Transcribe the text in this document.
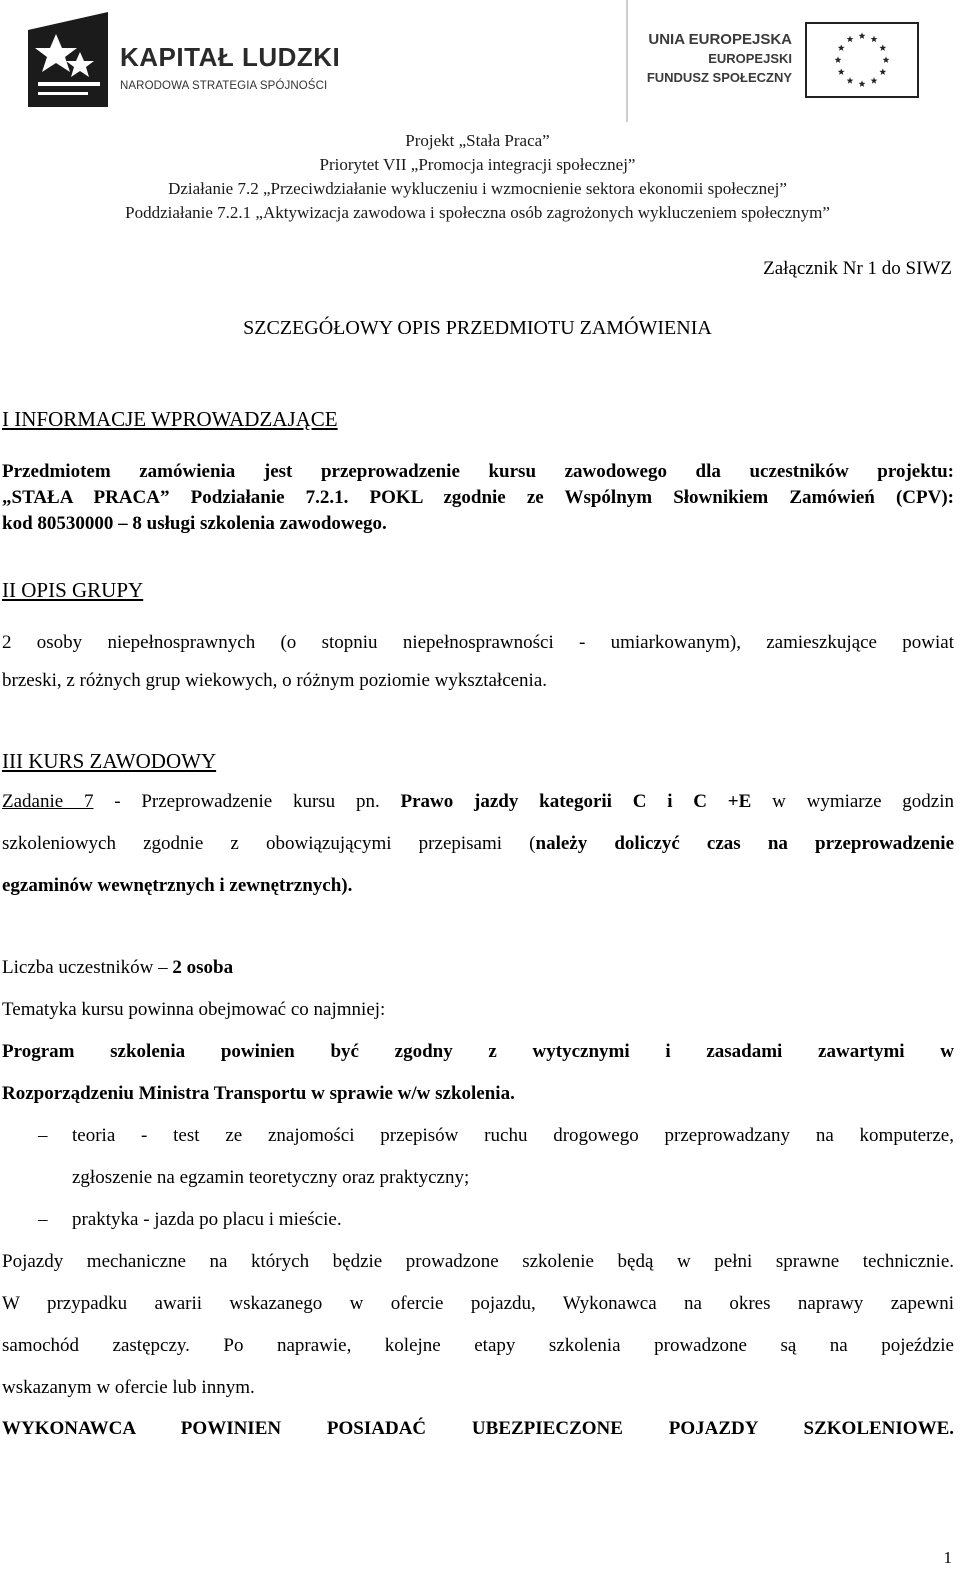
KAPITAŁ LUDZKI
NARODOWA STRATEGIA SPÓJNOŚCI
UNIA EUROPEJSKA
EUROPEJSKI
FUNDUSZ SPOŁECZNY
Projekt „Stała Praca”
Priorytet VII „Promocja integracji społecznej”
Działanie 7.2 „Przeciwdziałanie wykluczeniu i wzmocnienie sektora ekonomii społecznej”
Poddziałanie 7.2.1 „Aktywizacja zawodowa i społeczna osób zagrożonych wykluczeniem społecznym”
Załącznik Nr 1 do SIWZ
SZCZEGÓŁOWY OPIS PRZEDMIOTU ZAMÓWIENIA
I INFORMACJE WPROWADZAJĄCE
Przedmiotem zamówienia jest przeprowadzenie kursu zawodowego dla uczestników projektu:
„STAŁA PRACA” Podziałanie 7.2.1. POKL zgodnie ze Wspólnym Słownikiem Zamówień (CPV):
kod 80530000 – 8 usługi szkolenia zawodowego.
II OPIS GRUPY
2 osoby niepełnosprawnych (o stopniu niepełnosprawności - umiarkowanym), zamieszkujące powiat
brzeski, z różnych grup wiekowych, o różnym poziomie wykształcenia.
III KURS ZAWODOWY
Zadanie 7 - Przeprowadzenie kursu pn. Prawo jazdy kategorii C i C +E w wymiarze godzin
szkoleniowych zgodnie z obowiązującymi przepisami (należy doliczyć czas na przeprowadzenie
egzaminów wewnętrznych i zewnętrznych).
Liczba uczestników – 2 osoba
Tematyka kursu powinna obejmować co najmniej:
Program szkolenia powinien być zgodny z wytycznymi i zasadami zawartymi w
Rozporządzeniu Ministra Transportu w sprawie w/w szkolenia.
– teoria - test ze znajomości przepisów ruchu drogowego przeprowadzany na komputerze,
zgłoszenie na egzamin teoretyczny oraz praktyczny;
– praktyka - jazda po placu i mieście.
Pojazdy mechaniczne na których będzie prowadzone szkolenie będą w pełni sprawne technicznie.
W przypadku awarii wskazanego w ofercie pojazdu, Wykonawca na okres naprawy zapewni
samochód zastępczy. Po naprawie, kolejne etapy szkolenia prowadzone są na pojeździe
wskazanym w ofercie lub innym.
WYKONAWCA POWINIEN POSIADAĆ UBEZPIECZONE POJAZDY SZKOLENIOWE.
1
